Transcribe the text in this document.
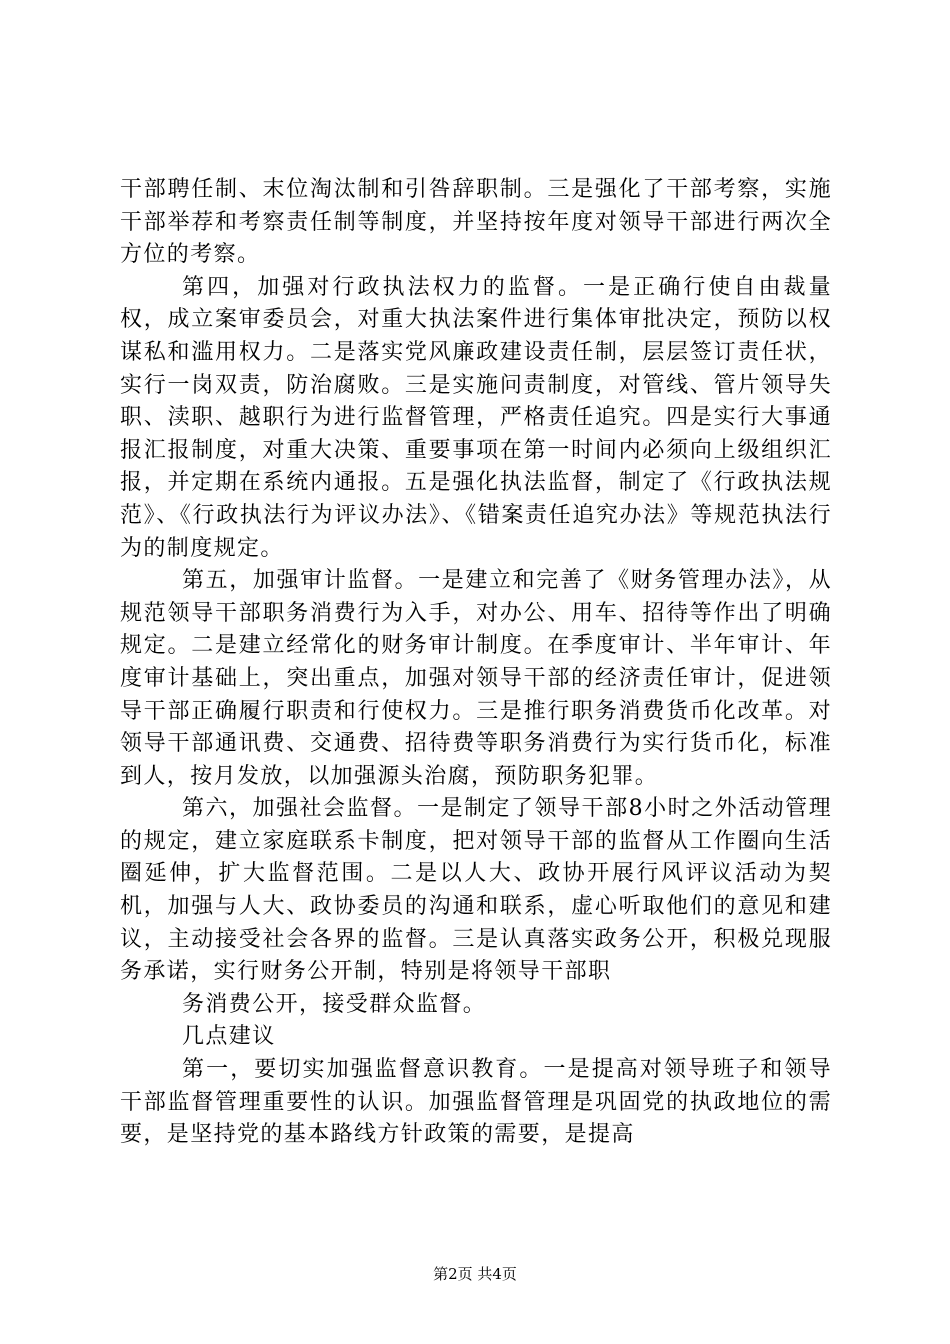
干部聘任制、末位淘汰制和引咎辞职制。三是强化了干部考察，实施干部举荐和考察责任制等制度，并坚持按年度对领导干部进行两次全方位的考察。

第四，加强对行政执法权力的监督。一是正确行使自由裁量权，成立案审委员会，对重大执法案件进行集体审批决定，预防以权谋私和滥用权力。二是落实党风廉政建设责任制，层层签订责任状，实行一岗双责，防治腐败。三是实施问责制度，对管线、管片领导失职、渎职、越职行为进行监督管理，严格责任追究。四是实行大事通报汇报制度，对重大决策、重要事项在第一时间内必须向上级组织汇报，并定期在系统内通报。五是强化执法监督，制定了《行政执法规范》、《行政执法行为评议办法》、《错案责任追究办法》等规范执法行为的制度规定。

第五，加强审计监督。一是建立和完善了《财务管理办法》，从规范领导干部职务消费行为入手，对办公、用车、招待等作出了明确规定。二是建立经常化的财务审计制度。在季度审计、半年审计、年度审计基础上，突出重点，加强对领导干部的经济责任审计，促进领导干部正确履行职责和行使权力。三是推行职务消费货币化改革。对领导干部通讯费、交通费、招待费等职务消费行为实行货币化，标准到人，按月发放，以加强源头治腐，预防职务犯罪。

第六，加强社会监督。一是制定了领导干部8小时之外活动管理的规定，建立家庭联系卡制度，把对领导干部的监督从工作圈向生活圈延伸，扩大监督范围。二是以人大、政协开展行风评议活动为契机，加强与人大、政协委员的沟通和联系，虚心听取他们的意见和建议，主动接受社会各界的监督。三是认真落实政务公开，积极兑现服务承诺，实行财务公开制，特别是将领导干部职

务消费公开，接受群众监督。

几点建议

第一，要切实加强监督意识教育。一是提高对领导班子和领导干部监督管理重要性的认识。加强监督管理是巩固党的执政地位的需要，是坚持党的基本路线方针政策的需要，是提高

第2页 共4页
